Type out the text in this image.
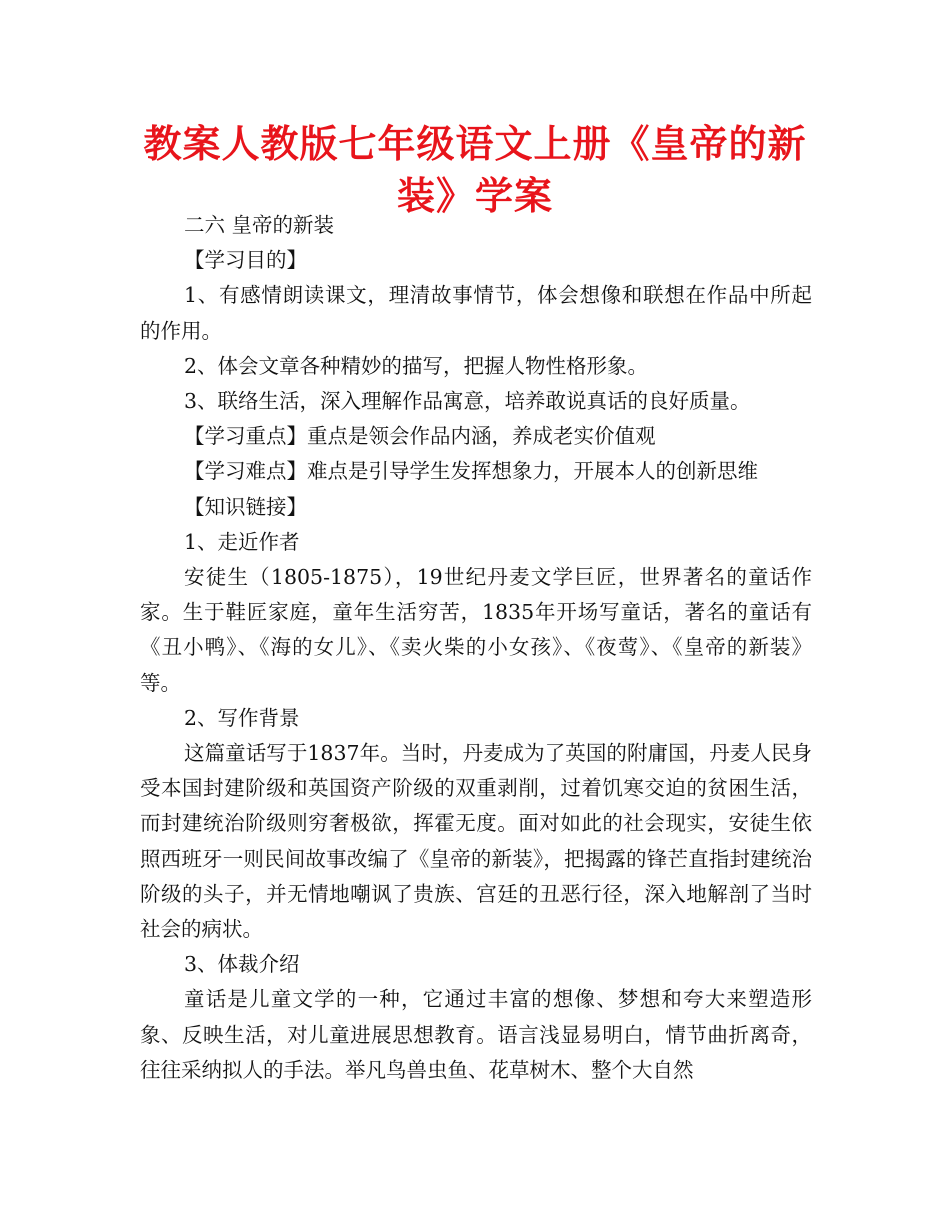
教案人教版七年级语文上册《皇帝的新
装》学案

二六 皇帝的新装

【学习目的】

1、有感情朗读课文，理清故事情节，体会想像和联想在作品中所起的作用。

2、体会文章各种精妙的描写，把握人物性格形象。

3、联络生活，深入理解作品寓意，培养敢说真话的良好质量。

【学习重点】重点是领会作品内涵，养成老实价值观

【学习难点】难点是引导学生发挥想象力，开展本人的创新思维

【知识链接】

1、走近作者

安徒生（1805-1875），19世纪丹麦文学巨匠，世界著名的童话作家。生于鞋匠家庭，童年生活穷苦，1835年开场写童话，著名的童话有《丑小鸭》、《海的女儿》、《卖火柴的小女孩》、《夜莺》、《皇帝的新装》等。

2、写作背景

这篇童话写于1837年。当时，丹麦成为了英国的附庸国，丹麦人民身受本国封建阶级和英国资产阶级的双重剥削，过着饥寒交迫的贫困生活，而封建统治阶级则穷奢极欲，挥霍无度。面对如此的社会现实，安徒生依照西班牙一则民间故事改编了《皇帝的新装》，把揭露的锋芒直指封建统治阶级的头子，并无情地嘲讽了贵族、宫廷的丑恶行径，深入地解剖了当时社会的病状。

3、体裁介绍

童话是儿童文学的一种，它通过丰富的想像、梦想和夸大来塑造形象、反映生活，对儿童进展思想教育。语言浅显易明白，情节曲折离奇，往往采纳拟人的手法。举凡鸟兽虫鱼、花草树木、整个大自然
